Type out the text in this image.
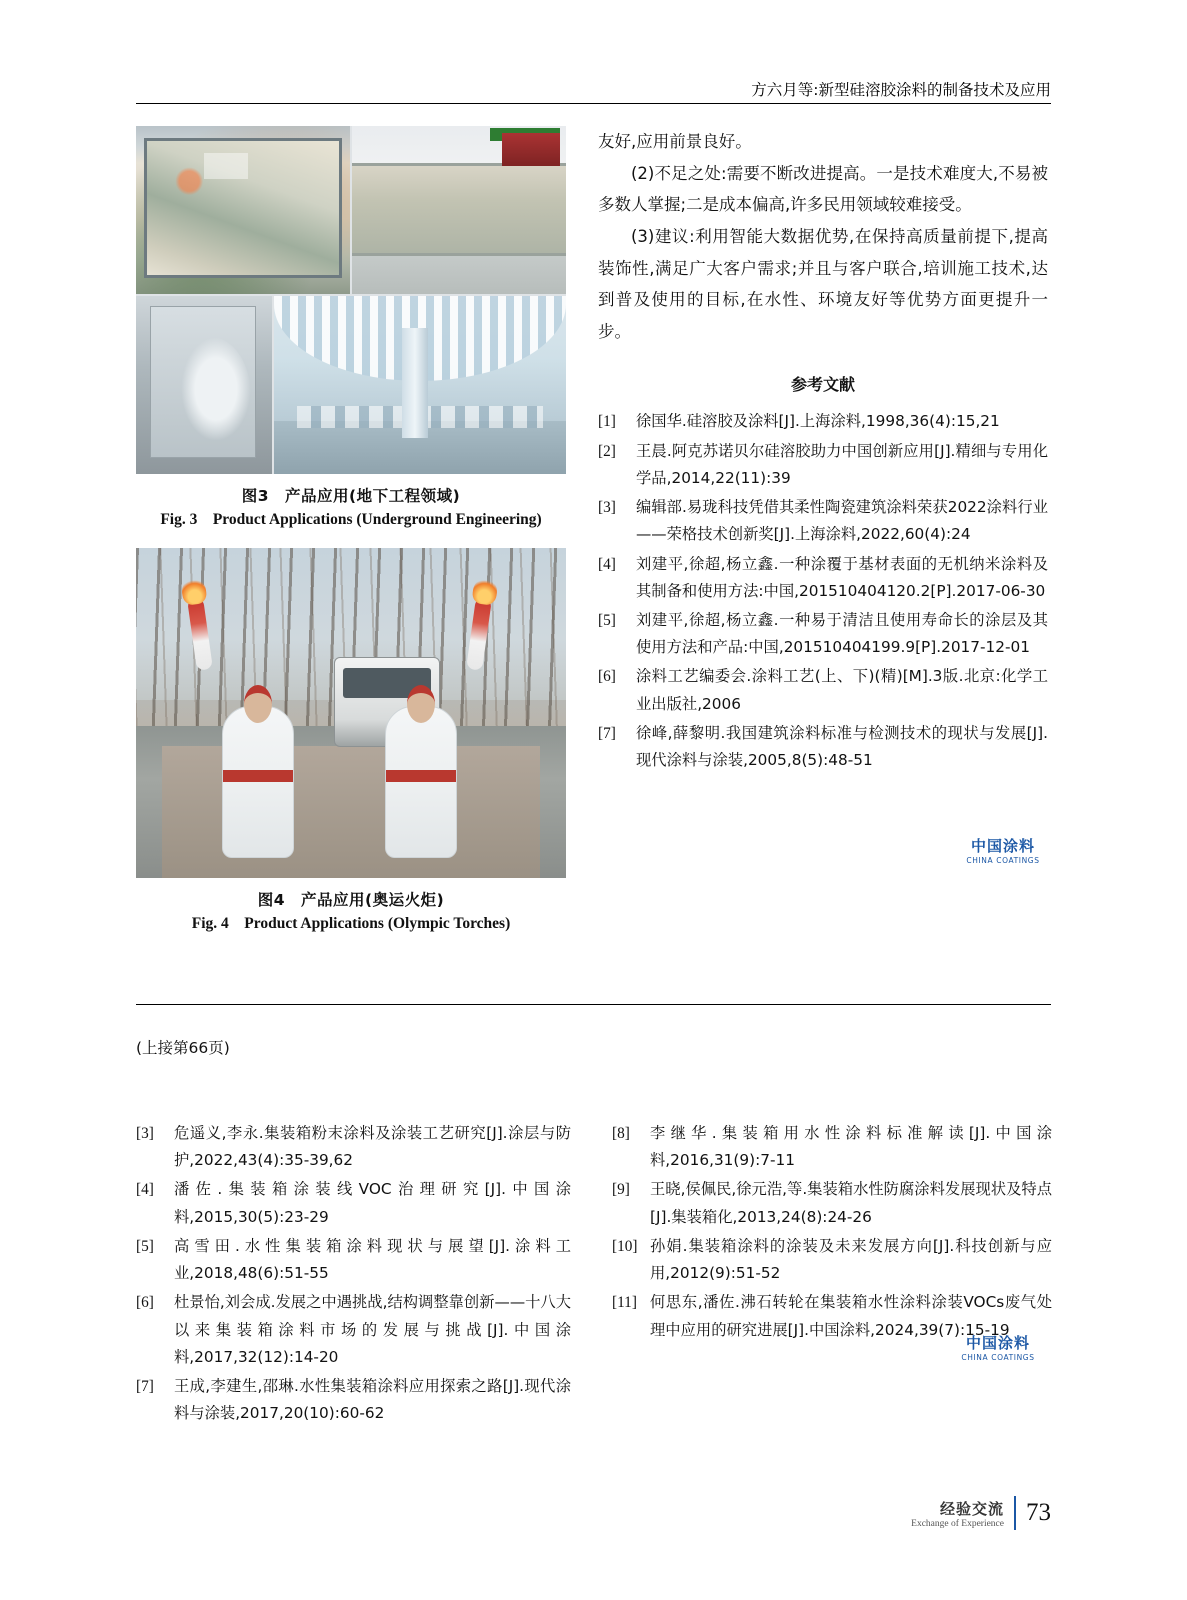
方六月等:新型硅溶胶涂料的制备技术及应用
图3　产品应用(地下工程领域)
Fig. 3　Product Applications (Underground Engineering)
图4　产品应用(奥运火炬)
Fig. 4　Product Applications (Olympic Torches)

友好,应用前景良好。

(2)不足之处:需要不断改进提高。一是技术难度大,不易被多数人掌握;二是成本偏高,许多民用领域较难接受。

(3)建议:利用智能大数据优势,在保持高质量前提下,提高装饰性,满足广大客户需求;并且与客户联合,培训施工技术,达到普及使用的目标,在水性、环境友好等优势方面更提升一步。

参考文献
[1]	徐国华.硅溶胶及涂料[J].上海涂料,1998,36(4):15,21
[2]	王晨.阿克苏诺贝尔硅溶胶助力中国创新应用[J].精细与专用化学品,2014,22(11):39
[3]	编辑部.易珑科技凭借其柔性陶瓷建筑涂料荣获2022涂料行业——荣格技术创新奖[J].上海涂料,2022,60(4):24
[4]	刘建平,徐超,杨立鑫.一种涂覆于基材表面的无机纳米涂料及其制备和使用方法:中国,201510404120.2[P].2017-06-30
[5]	刘建平,徐超,杨立鑫.一种易于清洁且使用寿命长的涂层及其使用方法和产品:中国,201510404199.9[P].2017-12-01
[6]	涂料工艺编委会.涂料工艺(上、下)(精)[M].3版.北京:化学工业出版社,2006
[7]	徐峰,薛黎明.我国建筑涂料标准与检测技术的现状与发展[J].现代涂料与涂装,2005,8(5):48-51
中国涂料
CHINA COATINGS
(上接第66页)
[3]	危遥义,李永.集装箱粉末涂料及涂装工艺研究[J].涂层与防护,2022,43(4):35-39,62
[4]	潘佐.集装箱涂装线VOC治理研究[J].中国涂料,2015,30(5):23-29
[5]	高雪田.水性集装箱涂料现状与展望[J].涂料工业,2018,48(6):51-55
[6]	杜景怡,刘会成.发展之中遇挑战,结构调整靠创新——十八大以来集装箱涂料市场的发展与挑战[J].中国涂料,2017,32(12):14-20
[7]	王成,李建生,邵琳.水性集装箱涂料应用探索之路[J].现代涂料与涂装,2017,20(10):60-62
[8]	李继华.集装箱用水性涂料标准解读[J].中国涂料,2016,31(9):7-11
[9]	王晓,侯佩民,徐元浩,等.集装箱水性防腐涂料发展现状及特点[J].集装箱化,2013,24(8):24-26
[10] 孙娟.集装箱涂料的涂装及未来发展方向[J].科技创新与应用,2012(9):51-52
[11] 何思东,潘佐.沸石转轮在集装箱水性涂料涂装VOCs废气处理中应用的研究进展[J].中国涂料,2024,39(7):15-19
中国涂料
CHINA COATINGS
经验交流
Exchange of Experience 73
